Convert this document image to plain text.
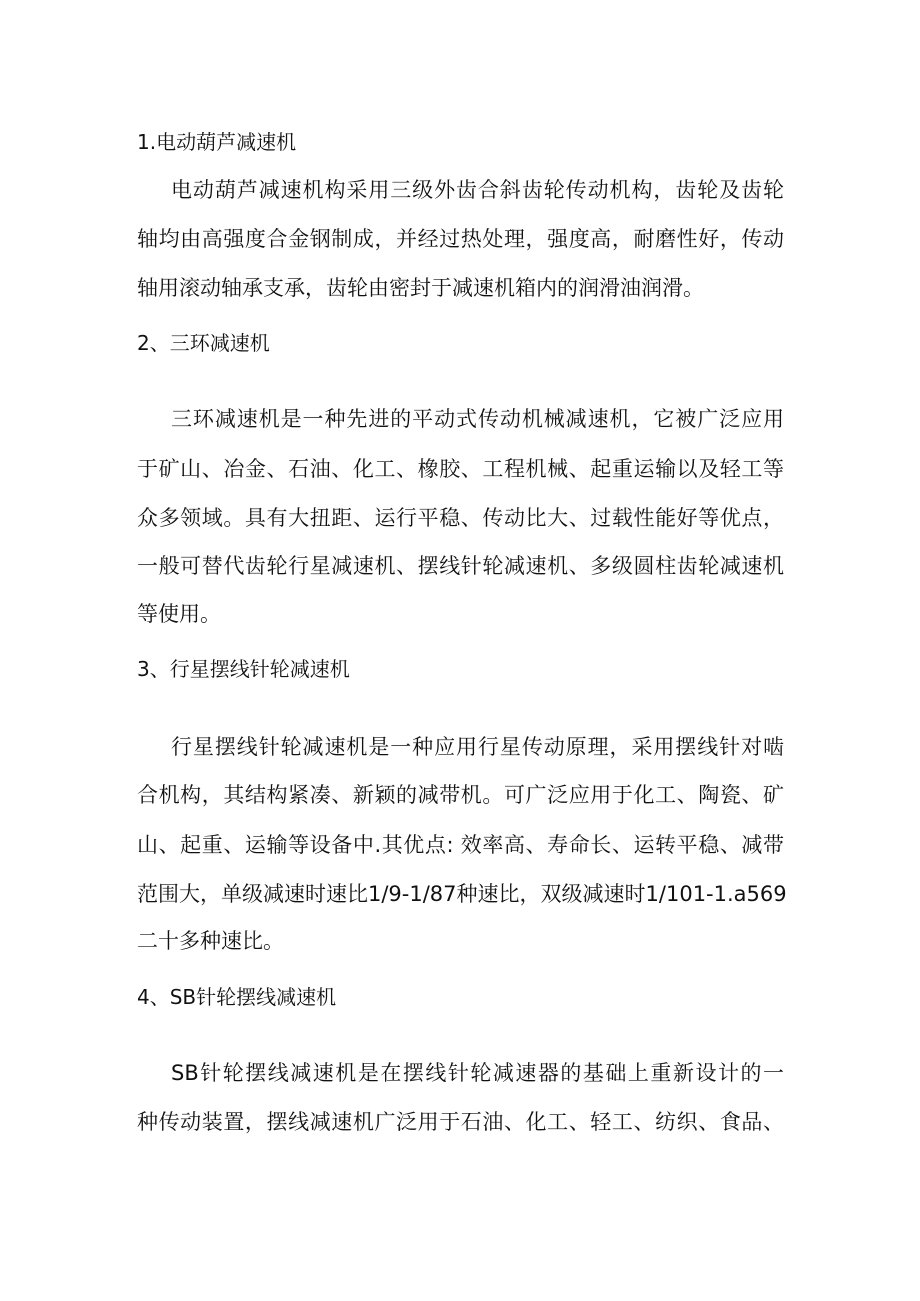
1.电动葫芦减速机
电动葫芦减速机构采用三级外齿合斜齿轮传动机构，齿轮及齿轮
轴均由高强度合金钢制成，并经过热处理，强度高，耐磨性好，传动
轴用滚动轴承支承，齿轮由密封于减速机箱内的润滑油润滑。
2、三环减速机
三环减速机是一种先进的平动式传动机械减速机，它被广泛应用
于矿山、冶金、石油、化工、橡胶、工程机械、起重运输以及轻工等
众多领域。具有大扭距、运行平稳、传动比大、过载性能好等优点，
一般可替代齿轮行星减速机、摆线针轮减速机、多级圆柱齿轮减速机
等使用。
3、行星摆线针轮减速机
行星摆线针轮减速机是一种应用行星传动原理，采用摆线针对啮
合机构，其结构紧凑、新颖的减带机。可广泛应用于化工、陶瓷、矿
山、起重、运输等设备中.其优点: 效率高、寿命长、运转平稳、减带
范围大，单级减速时速比1/9-1/87种速比，双级减速时1/101-1.a569
二十多种速比。
4、SB针轮摆线减速机
SB针轮摆线减速机是在摆线针轮减速器的基础上重新设计的一
种传动装置，摆线减速机广泛用于石油、化工、轻工、纺织、食品、
